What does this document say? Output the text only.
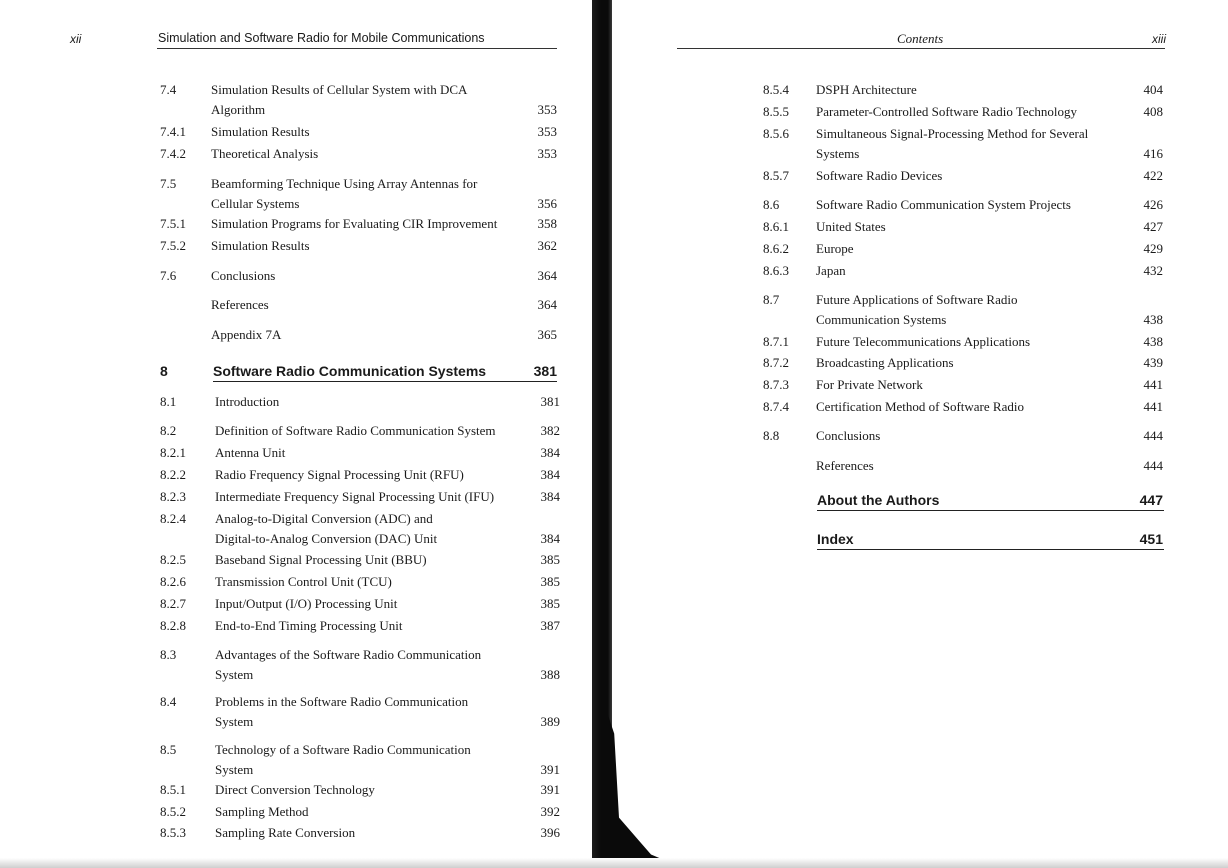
xii	Simulation and Software Radio for Mobile Communications	Contents	xiii
7.4	Simulation Results of Cellular System with DCA
Algorithm	353
7.4.1 Simulation Results	353
7.4.2 Theoretical Analysis	353
7.5	Beamforming Technique Using Array Antennas for
Cellular Systems	356
7.5.1 Simulation Programs for Evaluating CIR Improvement	358
7.5.2 Simulation Results	362
7.6	Conclusions	364
References	364
Appendix 7A	365
8	Software Radio Communication Systems	381
8.1	Introduction	381
8.2	Definition of Software Radio Communication System	382
8.2.1 Antenna Unit	384
8.2.2 Radio Frequency Signal Processing Unit (RFU)	384
8.2.3 Intermediate Frequency Signal Processing Unit (IFU)	384
8.2.4 Analog-to-Digital Conversion (ADC) and
Digital-to-Analog Conversion (DAC) Unit	384
8.2.5 Baseband Signal Processing Unit (BBU)	385
8.2.6 Transmission Control Unit (TCU)	385
8.2.7 Input/Output (I/O) Processing Unit	385
8.2.8 End-to-End Timing Processing Unit	387
8.3	Advantages of the Software Radio Communication
System	388
8.4	Problems in the Software Radio Communication
System	389
8.5	Technology of a Software Radio Communication
System	391
8.5.1 Direct Conversion Technology	391
8.5.2 Sampling Method	392
8.5.3 Sampling Rate Conversion	396
8.5.4 DSPH Architecture	404
8.5.5 Parameter-Controlled Software Radio Technology	408
8.5.6 Simultaneous Signal-Processing Method for Several
Systems	416
8.5.7 Software Radio Devices	422
8.6	Software Radio Communication System Projects	426
8.6.1 United States	427
8.6.2 Europe	429
8.6.3 Japan	432
8.7	Future Applications of Software Radio
Communication Systems	438
8.7.1 Future Telecommunications Applications	438
8.7.2 Broadcasting Applications	439
8.7.3 For Private Network	441
8.7.4 Certification Method of Software Radio	441
8.8	Conclusions	444
References	444
About the Authors	447
Index	451
